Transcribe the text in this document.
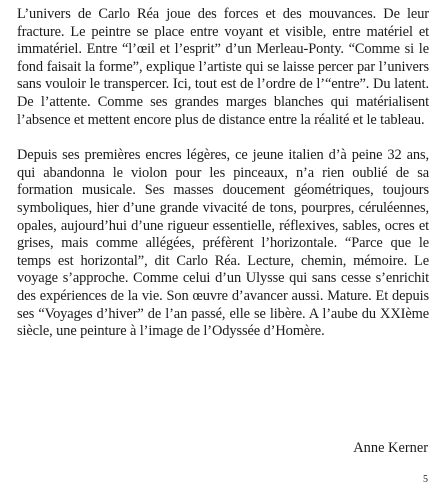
L’univers de Carlo Réa joue des forces et des mouvances. De leur fracture. Le peintre se place entre voyant et visible, entre matériel et immatériel. Entre “l’œil et l’esprit” d’un Merleau-Ponty. “Comme si le fond faisait la forme”, explique l’artiste qui se laisse percer par l’univers sans vouloir le transpercer. Ici, tout est de l’ordre de l’“entre”. Du latent. De l’attente. Comme ses grandes marges blanches qui matérialisent l’absence et mettent encore plus de distance entre la réalité et le tableau.

Depuis ses premières encres légères, ce jeune italien d’à peine 32 ans, qui abandonna le violon pour les pinceaux, n’a rien oublié de sa formation musicale. Ses masses doucement géométriques, toujours symboliques, hier d’une grande vivacité de tons, pourpres, céruléennes, opales, aujourd’hui d’une rigueur essentielle, réflexives, sables, ocres et grises, mais comme allégées, préfèrent l’horizontale. “Parce que le temps est horizontal”, dit Carlo Réa. Lecture, chemin, mémoire. Le voyage s’approche. Comme celui d’un Ulysse qui sans cesse s’enrichit des expériences de la vie. Son œuvre d’avancer aussi. Mature. Et depuis ses “Voyages d’hiver” de l’an passé, elle se libère. A l’aube du XXIème siècle, une peinture à l’image de l’Odyssée d’Homère.

Anne Kerner

5
